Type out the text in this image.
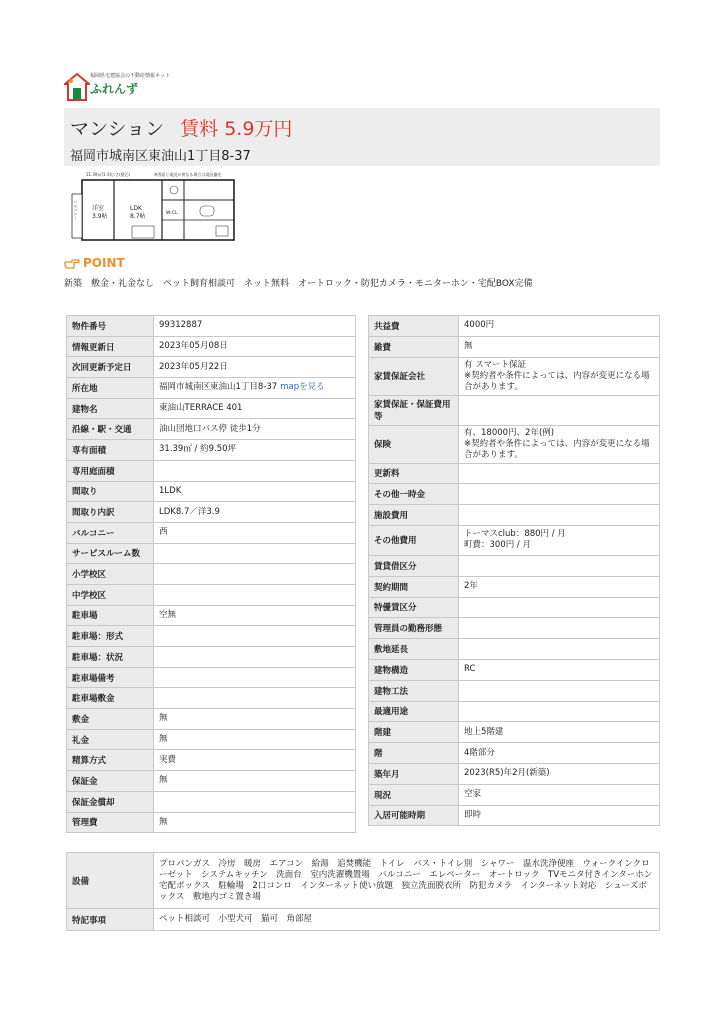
福岡県宅建協会の不動産情報ネット
ふれんず
マンション 賃料 5.9万円
福岡市城南区東油山1丁目8-37
31.39㎡(1-3)広さ(壁芯)	※図面と現況が異なる場合は現況優先
バルコニー 洋室
3.9帖
LDK
8.7帖	W-CL
POINT
新築　敷金・礼金なし　ペット飼育相談可　ネット無料　オートロック・防犯カメラ・モニターホン・宅配BOX完備
物件番号	99312887
情報更新日	2023年05月08日
次回更新予定日	2023年05月22日
所在地	福岡市城南区東油山1丁目8-37 mapを見る
建物名	東油山TERRACE 401
沿線・駅・交通	油山団地口バス停 徒歩1分
専有面積	31.39㎡ / 約9.50坪
専用庭面積	
間取り	1LDK
間取り内訳	LDK8.7／洋3.9
バルコニー	西
サービスルーム数	
小学校区	
中学校区	
駐車場	空無
駐車場：形式	
駐車場：状況	
駐車場備考	
駐車場敷金	
敷金	無
礼金	無
精算方式	実費
保証金	無
保証金償却	
管理費	無
共益費	4000円
雑費	無
家賃保証会社	有 スマート保証
※契約者や条件によっては、内容が変更になる場合があります。
家賃保証・保証費用等	
保険	有、18000円、2年(例)
※契約者や条件によっては、内容が変更になる場合があります。
更新料	
その他一時金	
施設費用	
その他費用	トーマスclub：880円 / 月
町費：300円 / 月
賃貸借区分	
契約期間	2年
特優賃区分	
管理員の勤務形態	
敷地延長	
建物構造	RC
建物工法	
最適用途	
階建	地上5階建
階	4階部分
築年月	2023(R5)年2月(新築)
現況	空家
入居可能時期	即時
設備	プロパンガス　冷房　暖房　エアコン　給湯　追焚機能　トイレ　バス・トイレ別　シャワー　温水洗浄便座　ウォークインクローゼット　システムキッチン　洗面台　室内洗濯機置場　バルコニー　エレベーター　オートロック　TVモニタ付きインターホン　宅配ボックス　駐輪場　2口コンロ　インターネット使い放題　独立洗面脱衣所　防犯カメラ　インターネット対応　シューズボックス　敷地内ゴミ置き場
特記事項	ペット相談可　小型犬可　猫可　角部屋
